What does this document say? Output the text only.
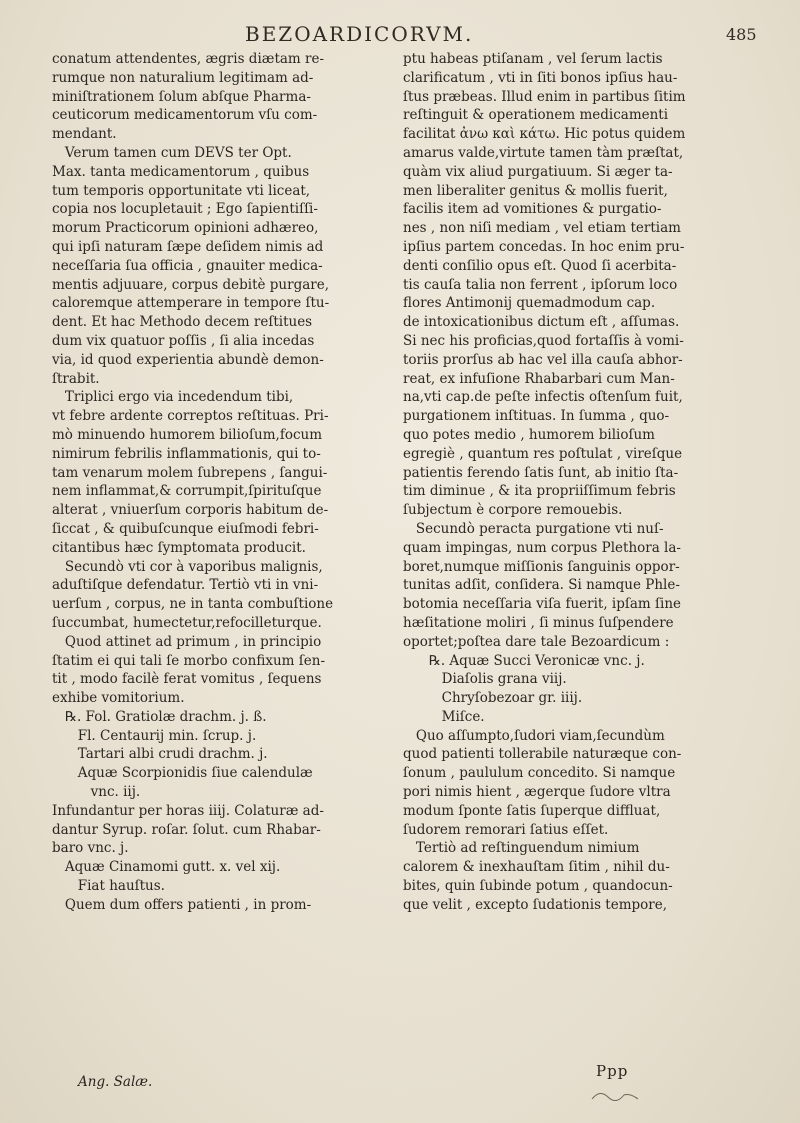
BEZOARDICORVM.	485

conatum attendentes, ægris diætam re-

rumque non naturalium legitimam ad-

miniſtrationem ſolum abſque Pharma-

ceuticorum medicamentorum vſu com-

mendant.

Verum tamen cum DEVS ter Opt.

Max. tanta medicamentorum , quibus

tum temporis opportunitate vti liceat,

copia nos locupletauit ; Ego ſapientiſſi-

morum Practicorum opinioni adhæreo,

qui ipſi naturam ſæpe deſidem nimis ad

neceſſaria ſua officia , gnauiter medica-

mentis adjuuare, corpus debitè purgare,

caloremque attemperare in tempore ſtu-

dent. Et hac Methodo decem reſtitues

dum vix quatuor poſſis , ſi alia incedas

via, id quod experientia abundè demon-

ſtrabit.

Triplici ergo via incedendum tibi,

vt febre ardente correptos reſtituas. Pri-

mò minuendo humorem bilioſum,focum

nimirum febrilis inflammationis, qui to-

tam venarum molem ſubrepens , ſangui-

nem inflammat,& corrumpit,ſpirituſque

alterat , vniuerſum corporis habitum de-

ſiccat , & quibuſcunque eiuſmodi febri-

citantibus hæc ſymptomata producit.

Secundò vti cor à vaporibus malignis,

aduſtiſque defendatur. Tertiò vti in vni-

uerſum , corpus, ne in tanta combuſtione

ſuccumbat, humectetur,refocilleturque.

Quod attinet ad primum , in principio

ſtatim ei qui tali ſe morbo confixum ſen-

tit , modo facilè ferat vomitus , ſequens

exhibe vomitorium.

℞. Fol. Gratiolæ drachm. j. ß.

Fl. Centaurij min. ſcrup. j.

Tartari albi crudi drachm. j.

Aquæ Scorpionidis ſiue calendulæ

vnc. iij.

Infundantur per horas iiij. Colaturæ ad-

dantur Syrup. roſar. ſolut. cum Rhabar-

baro vnc. j.

Aquæ Cinamomi gutt. x. vel xij.

Fiat hauſtus.

Quem dum offers patienti , in prom-

ptu habeas ptiſanam , vel ſerum lactis

clarificatum , vti in ſiti bonos ipſius hau-

ſtus præbeas. Illud enim in partibus ſitim

reſtinguit & operationem medicamenti

facilitat ἀνω καὶ κάτω. Hic potus quidem

amarus valde,virtute tamen tàm præſtat,

quàm vix aliud purgatiuum. Si æger ta-

men liberaliter genitus & mollis fuerit,

facilis item ad vomitiones & purgatio-

nes , non niſi mediam , vel etiam tertiam

ipſius partem concedas. In hoc enim pru-

denti conſilio opus eſt. Quod ſi acerbita-

tis cauſa talia non ferrent , ipſorum loco

flores Antimonij quemadmodum cap.

de intoxicationibus dictum eſt , aſſumas.

Si nec his proficias,quod fortaſſis à vomi-

toriis prorſus ab hac vel illa cauſa abhor-

reat, ex infuſione Rhabarbari cum Man-

na,vti cap.de peſte infectis oſtenſum fuit,

purgationem inſtituas. In ſumma , quo-

quo potes medio , humorem bilioſum

egregiè , quantum res poſtulat , vireſque

patientis ferendo ſatis ſunt, ab initio ſta-

tim diminue , & ita propriiſſimum febris

ſubjectum è corpore remouebis.

Secundò peracta purgatione vti nuſ-

quam impingas, num corpus Plethora la-

boret,numque miſſionis ſanguinis oppor-

tunitas adſit, conſidera. Si namque Phle-

botomia neceſſaria viſa fuerit, ipſam ſine

hæſitatione moliri , ſi minus ſuſpendere

oportet;poſtea dare tale Bezoardicum :

℞. Aquæ Succi Veronicæ vnc. j.

Diaſolis grana viij.

Chryſobezoar gr. iiij.

Miſce.

Quo aſſumpto,ſudori viam,ſecundùm

quod patienti tollerabile naturæque con-

ſonum , paululum concedito. Si namque

pori nimis hient , ægerque ſudore vltra

modum ſponte ſatis ſuperque diffluat,

ſudorem remorari ſatius eſſet.

Tertiò ad reſtinguendum nimium

calorem & inexhauſtam ſitim , nihil du-

bites, quin ſubinde potum , quandocun-

que velit , excepto ſudationis tempore,

Ang. Salæ.
Ppp
